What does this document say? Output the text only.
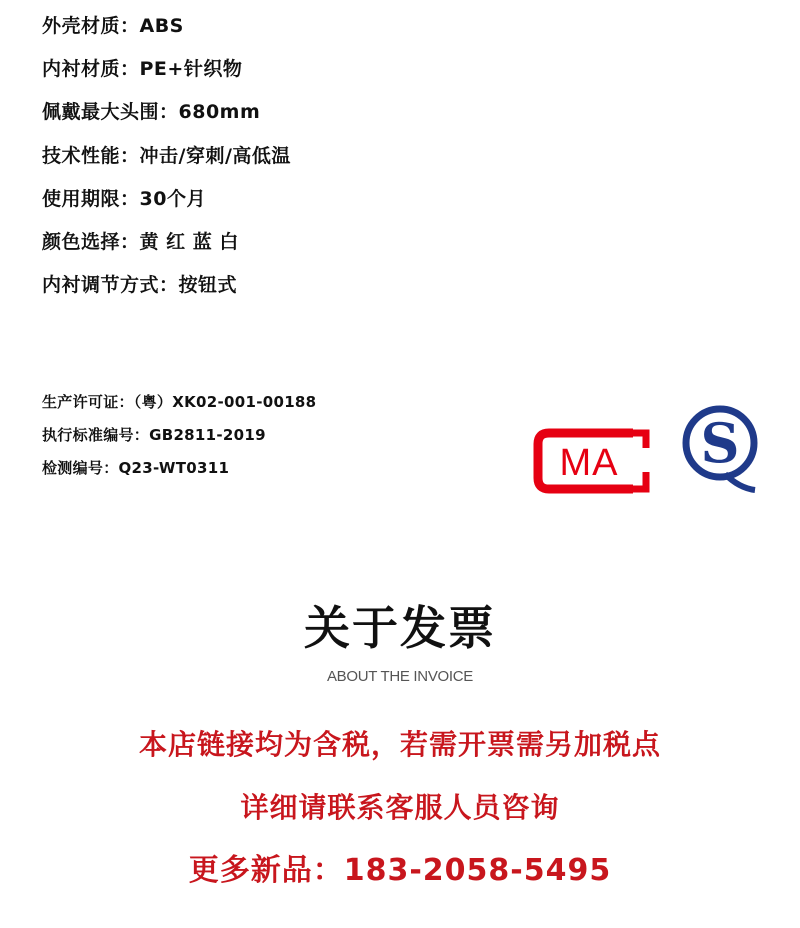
外壳材质：ABS
内衬材质：PE+针织物
佩戴最大头围：680mm
技术性能：冲击/穿刺/高低温
使用期限：30个月
颜色选择：黄 红 蓝 白
内衬调节方式：按钮式
生产许可证：（粤）XK02-001-00188
执行标准编号：GB2811-2019
检测编号：Q23-WT0311	MA S
关于发票
ABOUT THE INVOICE
本店链接均为含税，若需开票需另加税点
详细请联系客服人员咨询
更多新品：183-2058-5495
